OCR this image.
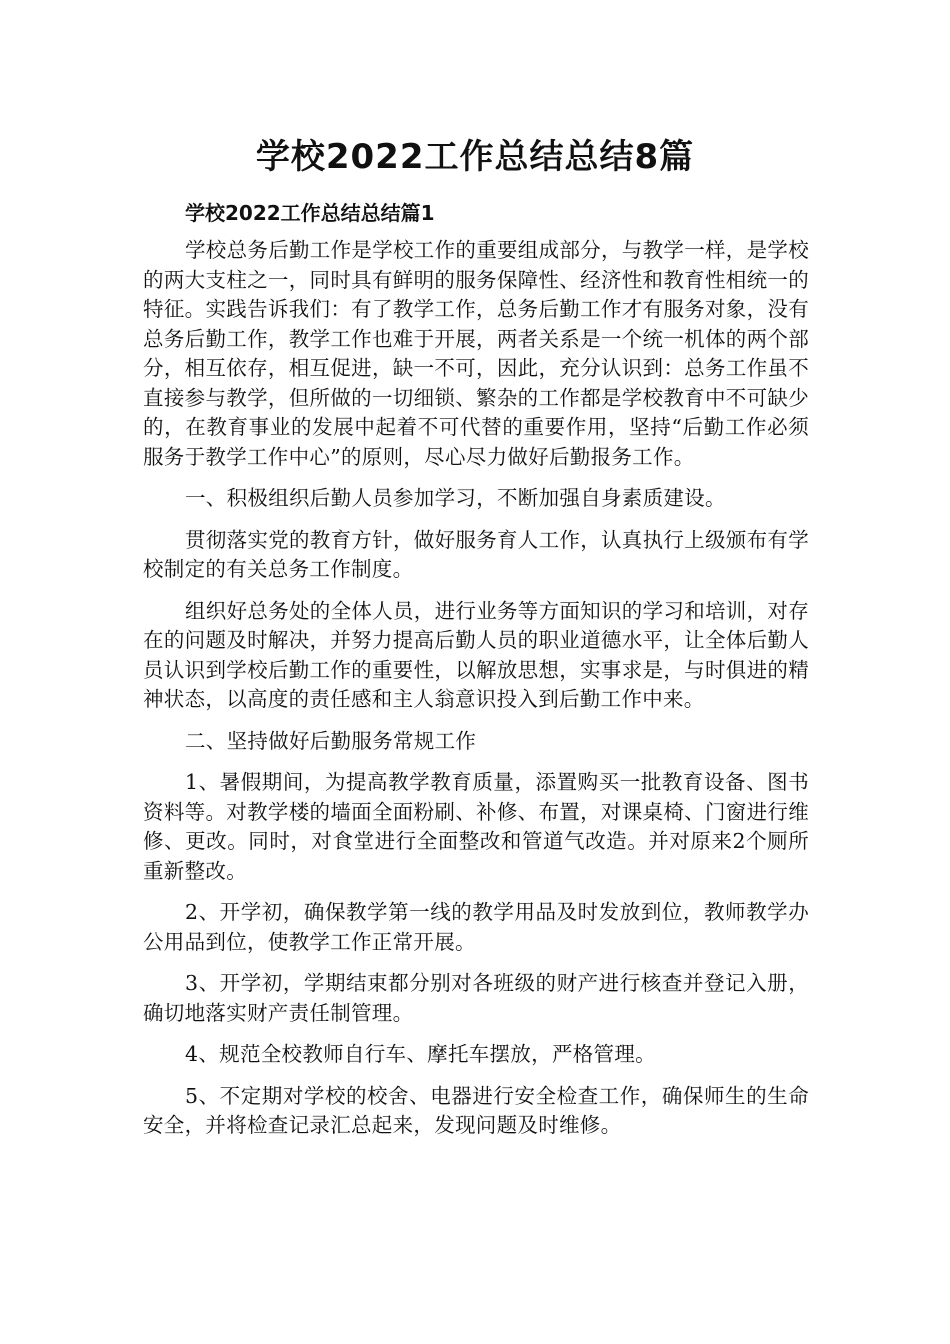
学校2022工作总结总结8篇

学校2022工作总结总结篇1

学校总务后勤工作是学校工作的重要组成部分，与教学一样，是学校的两大支柱之一，同时具有鲜明的服务保障性、经济性和教育性相统一的特征。实践告诉我们：有了教学工作，总务后勤工作才有服务对象，没有总务后勤工作，教学工作也难于开展，两者关系是一个统一机体的两个部分，相互依存，相互促进，缺一不可，因此，充分认识到：总务工作虽不直接参与教学，但所做的一切细锁、繁杂的工作都是学校教育中不可缺少的，在教育事业的发展中起着不可代替的重要作用，坚持“后勤工作必须服务于教学工作中心”的原则，尽心尽力做好后勤报务工作。

一、积极组织后勤人员参加学习，不断加强自身素质建设。

贯彻落实党的教育方针，做好服务育人工作，认真执行上级颁布有学校制定的有关总务工作制度。

组织好总务处的全体人员，进行业务等方面知识的学习和培训，对存在的问题及时解决，并努力提高后勤人员的职业道德水平，让全体后勤人员认识到学校后勤工作的重要性，以解放思想，实事求是，与时俱进的精神状态，以高度的责任感和主人翁意识投入到后勤工作中来。

二、坚持做好后勤服务常规工作

1、暑假期间，为提高教学教育质量，添置购买一批教育设备、图书资料等。对教学楼的墙面全面粉刷、补修、布置，对课桌椅、门窗进行维修、更改。同时，对食堂进行全面整改和管道气改造。并对原来2个厕所重新整改。

2、开学初，确保教学第一线的教学用品及时发放到位，教师教学办公用品到位，使教学工作正常开展。

3、开学初，学期结束都分别对各班级的财产进行核查并登记入册，确切地落实财产责任制管理。

4、规范全校教师自行车、摩托车摆放，严格管理。

5、不定期对学校的校舍、电器进行安全检查工作，确保师生的生命安全，并将检查记录汇总起来，发现问题及时维修。
